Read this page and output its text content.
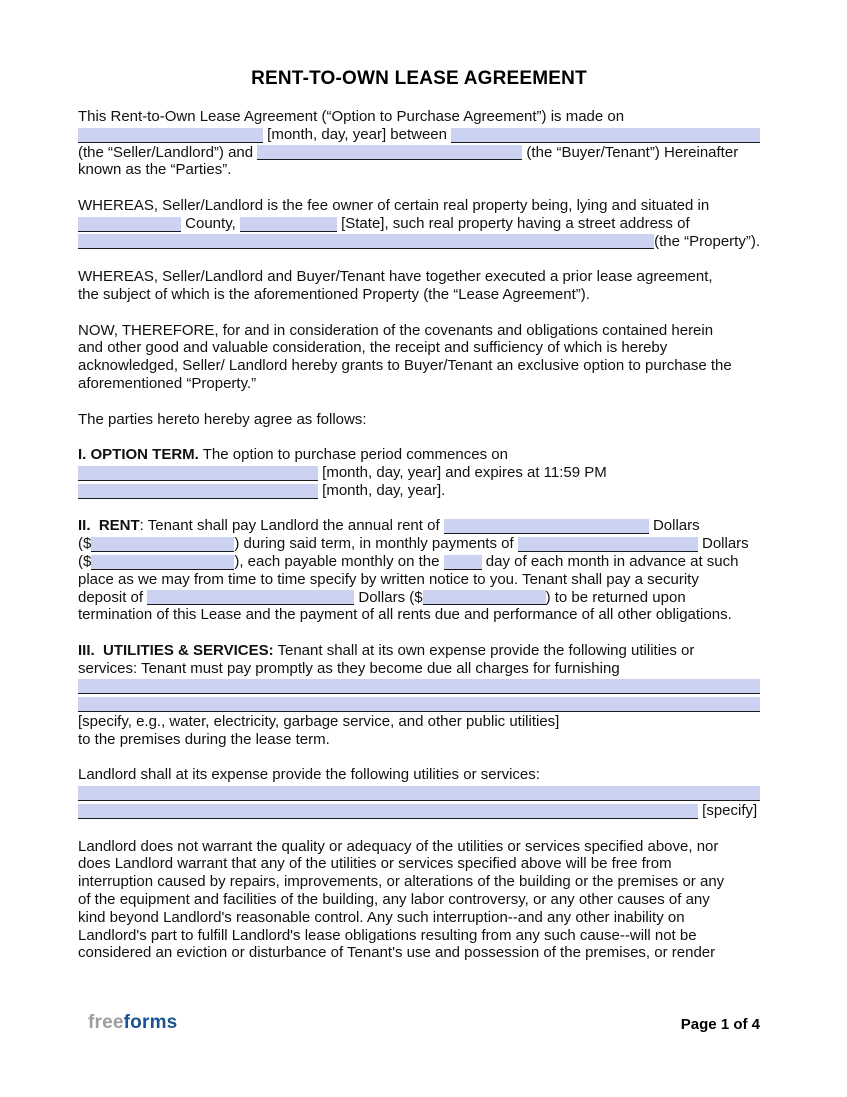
RENT-TO-OWN LEASE AGREEMENT
This Rent-to-Own Lease Agreement (“Option to Purchase Agreement”) is made on
[month, day, year] between
(the “Seller/Landlord”) and	(the “Buyer/Tenant”) Hereinafter
known as the “Parties”.
WHEREAS, Seller/Landlord is the fee owner of certain real property being, lying and situated in
County,	[State], such real property having a street address of
(the “Property”).
WHEREAS, Seller/Landlord and Buyer/Tenant have together executed a prior lease agreement,
the subject of which is the aforementioned Property (the “Lease Agreement”).
NOW, THEREFORE, for and in consideration of the covenants and obligations contained herein
and other good and valuable consideration, the receipt and sufficiency of which is hereby
acknowledged, Seller/ Landlord hereby grants to Buyer/Tenant an exclusive option to purchase the
aforementioned “Property.”
The parties hereto hereby agree as follows:
I. OPTION TERM. The option to purchase period commences on
[month, day, year] and expires at 11:59 PM
[month, day, year].
II.  RENT : Tenant shall pay Landlord the annual rent of	Dollars
($	) during said term, in monthly payments of	Dollars
($	), each payable monthly on the	day of each month in advance at such
place as we may from time to time specify by written notice to you. Tenant shall pay a security
deposit of	Dollars ($	) to be returned upon
termination of this Lease and the payment of all rents due and performance of all other obligations.
III.  UTILITIES & SERVICES: Tenant shall at its own expense provide the following utilities or
services: Tenant must pay promptly as they become due all charges for furnishing
[specify, e.g., water, electricity, garbage service, and other public utilities]
to the premises during the lease term.
Landlord shall at its expense provide the following utilities or services:
[specify]
Landlord does not warrant the quality or adequacy of the utilities or services specified above, nor
does Landlord warrant that any of the utilities or services specified above will be free from
interruption caused by repairs, improvements, or alterations of the building or the premises or any
of the equipment and facilities of the building, any labor controversy, or any other causes of any
kind beyond Landlord's reasonable control. Any such interruption--and any other inability on
Landlord's part to fulfill Landlord's lease obligations resulting from any such cause--will not be
considered an eviction or disturbance of Tenant's use and possession of the premises, or render
freeforms	Page 1 of 4
